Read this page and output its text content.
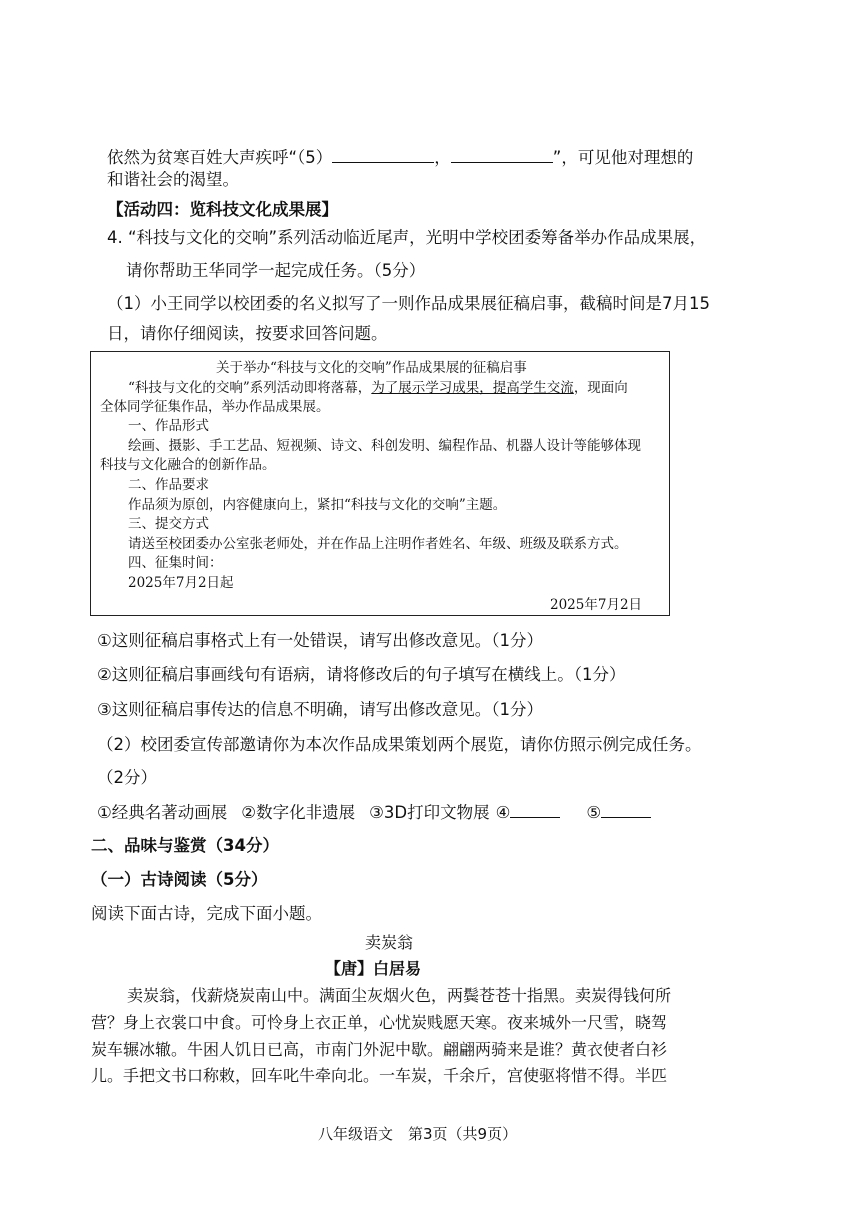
依然为贫寒百姓大声疾呼“（5）	，	”，可见他对理想的
和谐社会的渴望。
【活动四：览科技文化成果展】
4. “科技与文化的交响”系列活动临近尾声，光明中学校团委筹备举办作品成果展，
请你帮助王华同学一起完成任务。（5分）
（1）小王同学以校团委的名义拟写了一则作品成果展征稿启事，截稿时间是7月15
日，请你仔细阅读，按要求回答问题。
关于举办“科技与文化的交响”作品成果展的征稿启事
“科技与文化的交响”系列活动即将落幕，为了展示学习成果，提高学生交流，现面向
全体同学征集作品，举办作品成果展。
一、作品形式
绘画、摄影、手工艺品、短视频、诗文、科创发明、编程作品、机器人设计等能够体现
科技与文化融合的创新作品。
二、作品要求
作品须为原创，内容健康向上，紧扣“科技与文化的交响”主题。
三、提交方式
请送至校团委办公室张老师处，并在作品上注明作者姓名、年级、班级及联系方式。
四、征集时间：
2025年7月2日起
2025年7月2日
①这则征稿启事格式上有一处错误，请写出修改意见。（1分）
②这则征稿启事画线句有语病，请将修改后的句子填写在横线上。（1分）
③这则征稿启事传达的信息不明确，请写出修改意见。（1分）
（2）校团委宣传部邀请你为本次作品成果策划两个展览，请你仿照示例完成任务。
（2分）
①经典名著动画展 ②数字化非遗展 ③3D打印文物展 ④	⑤
二、品味与鉴赏（34分）
（一）古诗阅读（5分）
阅读下面古诗，完成下面小题。
卖炭翁
【唐】白居易
卖炭翁，伐薪烧炭南山中。满面尘灰烟火色，两鬓苍苍十指黑。卖炭得钱何所
营？身上衣裳口中食。可怜身上衣正单，心忧炭贱愿天寒。夜来城外一尺雪，晓驾
炭车辗冰辙。牛困人饥日已高，市南门外泥中歇。翩翩两骑来是谁？黄衣使者白衫
儿。手把文书口称敕，回车叱牛牵向北。一车炭，千余斤，宫使驱将惜不得。半匹
八年级语文　第3页（共9页）
